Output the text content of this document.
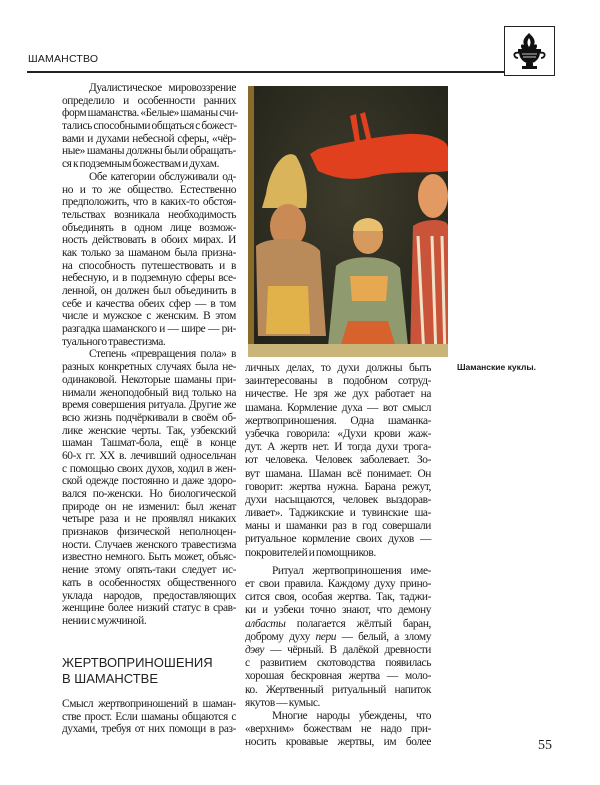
ШАМАНСТВО
Дуалистическое мировоззрение
определило и особенности ранних
форм шаманства. «Белые» шаманы счи-
тались способными общаться с божест-
вами и духами небесной сферы, «чёр-
ные» шаманы должны были обращать-
ся к подземным божествам и духам.
Обе категории обслуживали од-
но и то же общество. Естественно
предположить, что в каких-то обстоя-
тельствах возникала необходимость
объединять в одном лице возмож-
ность действовать в обоих мирах. И
как только за шаманом была призна-
на способность путешествовать и в
небесную, и в подземную сферы все-
ленной, он должен был объединить в
себе и качества обеих сфер — в том
числе и мужское с женским. В этом
разгадка шаманского и — шире — ри-
туального травестизма.
Степень «превращения пола» в
разных конкретных случаях была не-
одинаковой. Некоторые шаманы при-
нимали женоподобный вид только на
время совершения ритуала. Другие же
всю жизнь подчёркивали в своём об-
лике женские черты. Так, узбекский
шаман Ташмат-бола, ещё в конце
60-х гг. XX в. лечивший односельчан
с помощью своих духов, ходил в жен-
ской одежде постоянно и даже здоро-
вался по-женски. Но биологической
природе он не изменил: был женат
четыре раза и не проявлял никаких
признаков физической неполноцен-
ности. Случаев женского травестизма
известно немного. Быть может, объяс-
нение этому опять-таки следует ис-
кать в особенностях общественного
уклада народов, предоставляющих
женщине более низкий статус в срав-
нении с мужчиной.
ЖЕРТВОПРИНОШЕНИЯ
В ШАМАНСТВЕ
Смысл жертвоприношений в шаман-
стве прост. Если шаманы общаются с
духами, требуя от них помощи в раз-
Шаманские куклы.
личных делах, то духи должны быть
заинтересованы в подобном сотруд-
ничестве. Не зря же дух работает на
шамана. Кормление духа — вот смысл
жертвоприношения. Одна шаманка-
узбечка говорила: «Духи крови жаж-
дут. А жертв нет. И тогда духи трога-
ют человека. Человек заболевает. Зо-
вут шамана. Шаман всё понимает. Он
говорит: жертва нужна. Барана режут,
духи насыщаются, человек выздорав-
ливает». Таджикские и тувинские ша-
маны и шаманки раз в год совершали
ритуальное кормление своих духов —
покровителей и помощников.
Ритуал жертвоприношения име-
ет свои правила. Каждому духу прино-
сится своя, особая жертва. Так, таджи-
ки и узбеки точно знают, что демону
албасты полагается жёлтый баран,
доброму духу пери — белый, а злому
дэву — чёрный. В далёкой древности
с развитием скотоводства появилась
хорошая бескровная жертва — моло-
ко. Жертвенный ритуальный напиток
якутов — кумыс.
Многие народы убеждены, что
«верхним» божествам не надо при-
носить кровавые жертвы, им более	55
